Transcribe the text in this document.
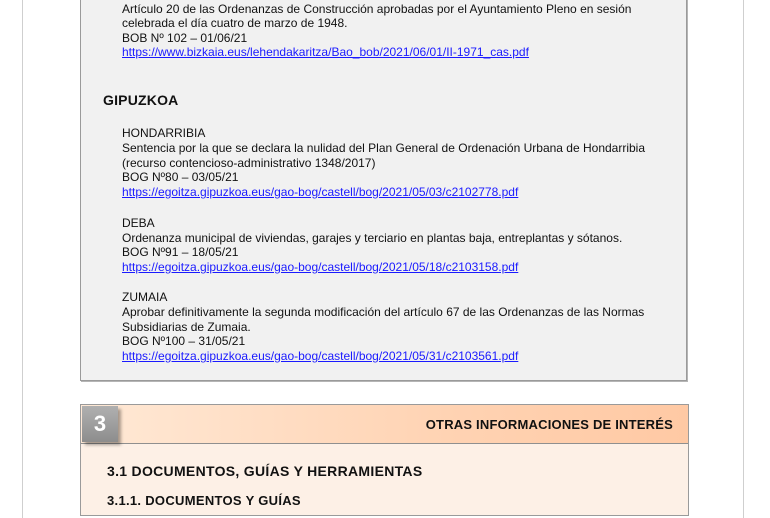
Artículo 20 de las Ordenanzas de Construcción aprobadas por el Ayuntamiento Pleno en sesión
celebrada el día cuatro de marzo de 1948.
BOB Nº 102 – 01/06/21
https://www.bizkaia.eus/lehendakaritza/Bao_bob/2021/06/01/II-1971_cas.pdf
GIPUZKOA
HONDARRIBIA
Sentencia por la que se declara la nulidad del Plan General de Ordenación Urbana de Hondarribia
(recurso contencioso-administrativo 1348/2017)
BOG Nº80 – 03/05/21
https://egoitza.gipuzkoa.eus/gao-bog/castell/bog/2021/05/03/c2102778.pdf
DEBA
Ordenanza municipal de viviendas, garajes y terciario en plantas baja, entreplantas y sótanos.
BOG Nº91 – 18/05/21
https://egoitza.gipuzkoa.eus/gao-bog/castell/bog/2021/05/18/c2103158.pdf
ZUMAIA
Aprobar definitivamente la segunda modificación del artículo 67 de las Ordenanzas de las Normas
Subsidiarias de Zumaia.
BOG Nº100 – 31/05/21
https://egoitza.gipuzkoa.eus/gao-bog/castell/bog/2021/05/31/c2103561.pdf
3	OTRAS INFORMACIONES DE INTERÉS
3.1 DOCUMENTOS, GUÍAS Y HERRAMIENTAS
3.1.1. DOCUMENTOS Y GUÍAS
